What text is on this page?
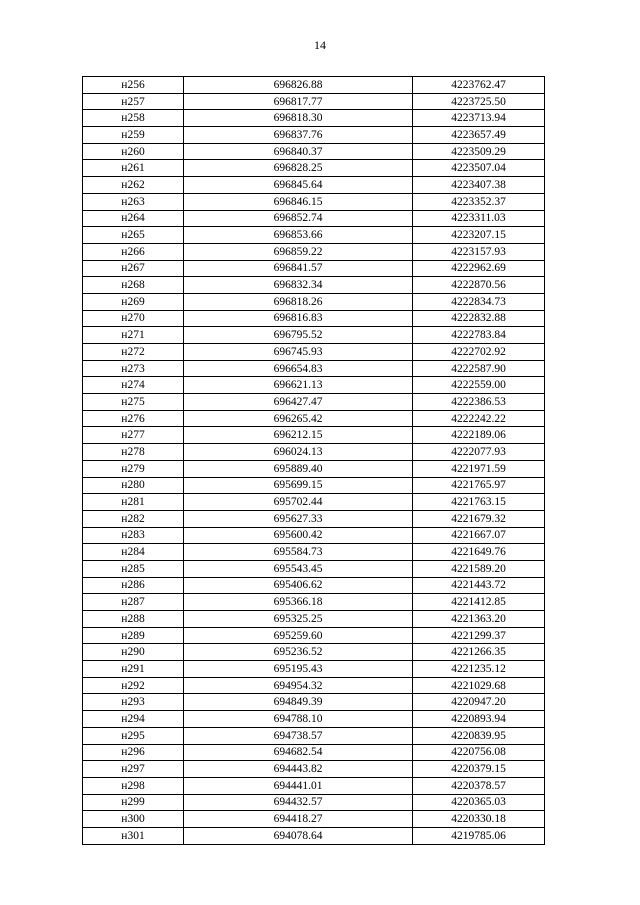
14
н256	696826.88	4223762.47
н257	696817.77	4223725.50
н258	696818.30	4223713.94
н259	696837.76	4223657.49
н260	696840.37	4223509.29
н261	696828.25	4223507.04
н262	696845.64	4223407.38
н263	696846.15	4223352.37
н264	696852.74	4223311.03
н265	696853.66	4223207.15
н266	696859.22	4223157.93
н267	696841.57	4222962.69
н268	696832.34	4222870.56
н269	696818.26	4222834.73
н270	696816.83	4222832.88
н271	696795.52	4222783.84
н272	696745.93	4222702.92
н273	696654.83	4222587.90
н274	696621.13	4222559.00
н275	696427.47	4222386.53
н276	696265.42	4222242.22
н277	696212.15	4222189.06
н278	696024.13	4222077.93
н279	695889.40	4221971.59
н280	695699.15	4221765.97
н281	695702.44	4221763.15
н282	695627.33	4221679.32
н283	695600.42	4221667.07
н284	695584.73	4221649.76
н285	695543.45	4221589.20
н286	695406.62	4221443.72
н287	695366.18	4221412.85
н288	695325.25	4221363.20
н289	695259.60	4221299.37
н290	695236.52	4221266.35
н291	695195.43	4221235.12
н292	694954.32	4221029.68
н293	694849.39	4220947.20
н294	694788.10	4220893.94
н295	694738.57	4220839.95
н296	694682.54	4220756.08
н297	694443.82	4220379.15
н298	694441.01	4220378.57
н299	694432.57	4220365.03
н300	694418.27	4220330.18
н301	694078.64	4219785.06
